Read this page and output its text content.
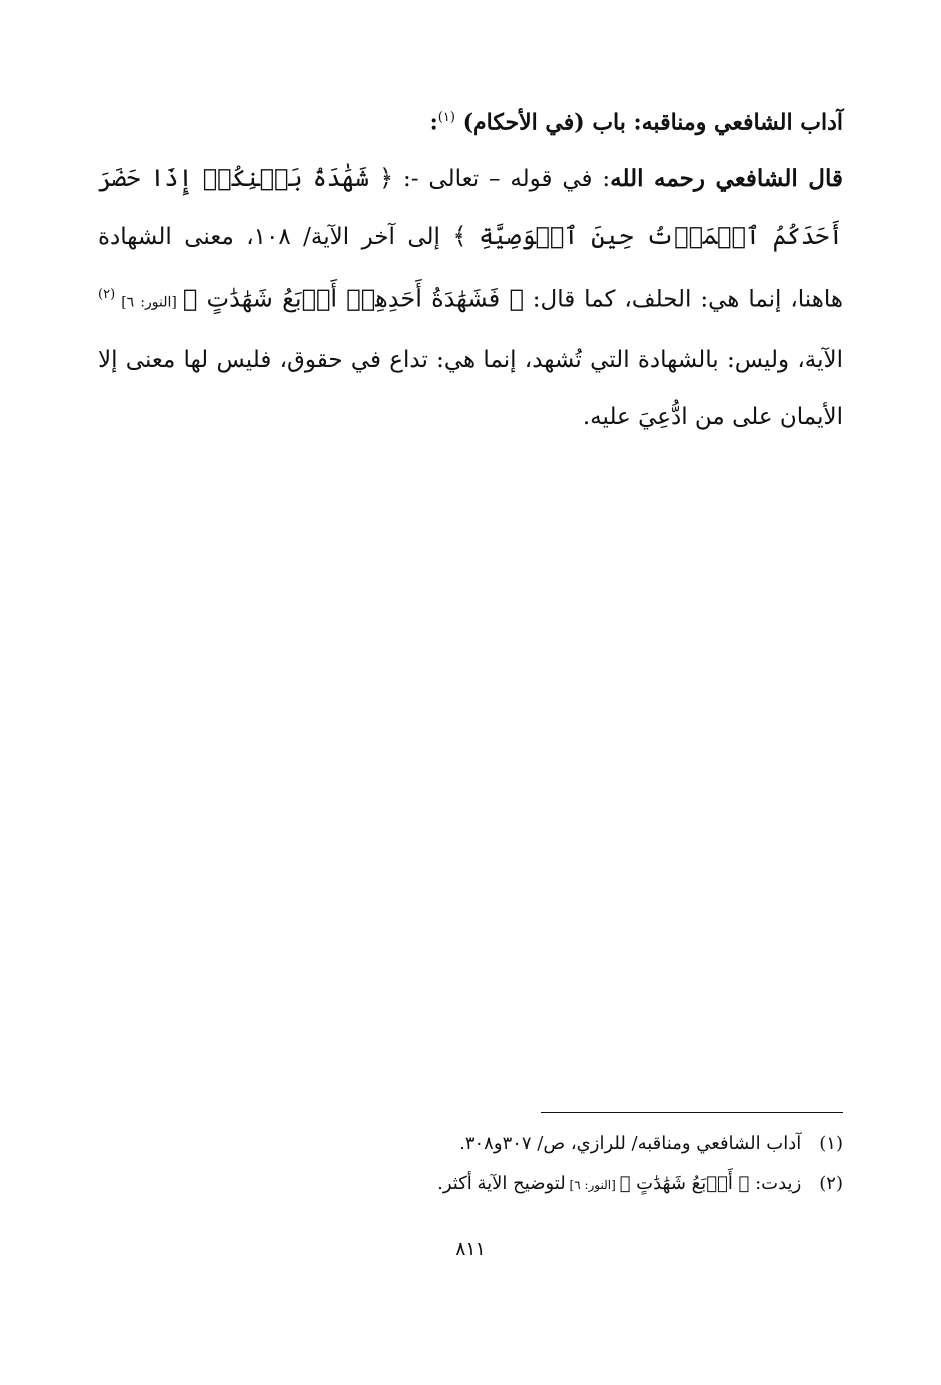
آداب الشافعي ومناقبه: باب (في الأحكام) $^{(١)}$:
قال الشافعي رحمه الله: في قوله – تعالى -: ﴿ شَهَٰدَةُ بَيۡنِكُمۡ إِذَا حَضَرَ أَحَدَكُمُ ٱلۡمَوۡتُ حِينَ ٱلۡوَصِيَّةِ ﴾ إلى آخر الآية/ ١٠٨، معنى الشهادة هاهنا، إنما هي: الحلف، كما قال: ﴿ فَشَهَٰدَةُ أَحَدِهِمۡ أَرۡبَعُ شَهَٰدَٰتٍ ﴾ [النور: ٦] $^{(٢)}$ الآية، وليس: بالشهادة التي تُشهد، إنما هي: تداع في حقوق، فليس لها معنى إلا الأيمان على من ادُّعِيَ عليه.
(١)آداب الشافعي ومناقبه/ للرازي، ص/ ٣٠٧و٣٠٨.
(٢)زيدت: ﴿ أَرۡبَعُ شَهَٰدَٰتٍ ﴾ [النور: ٦] لتوضيح الآية أكثر.
٨١١
